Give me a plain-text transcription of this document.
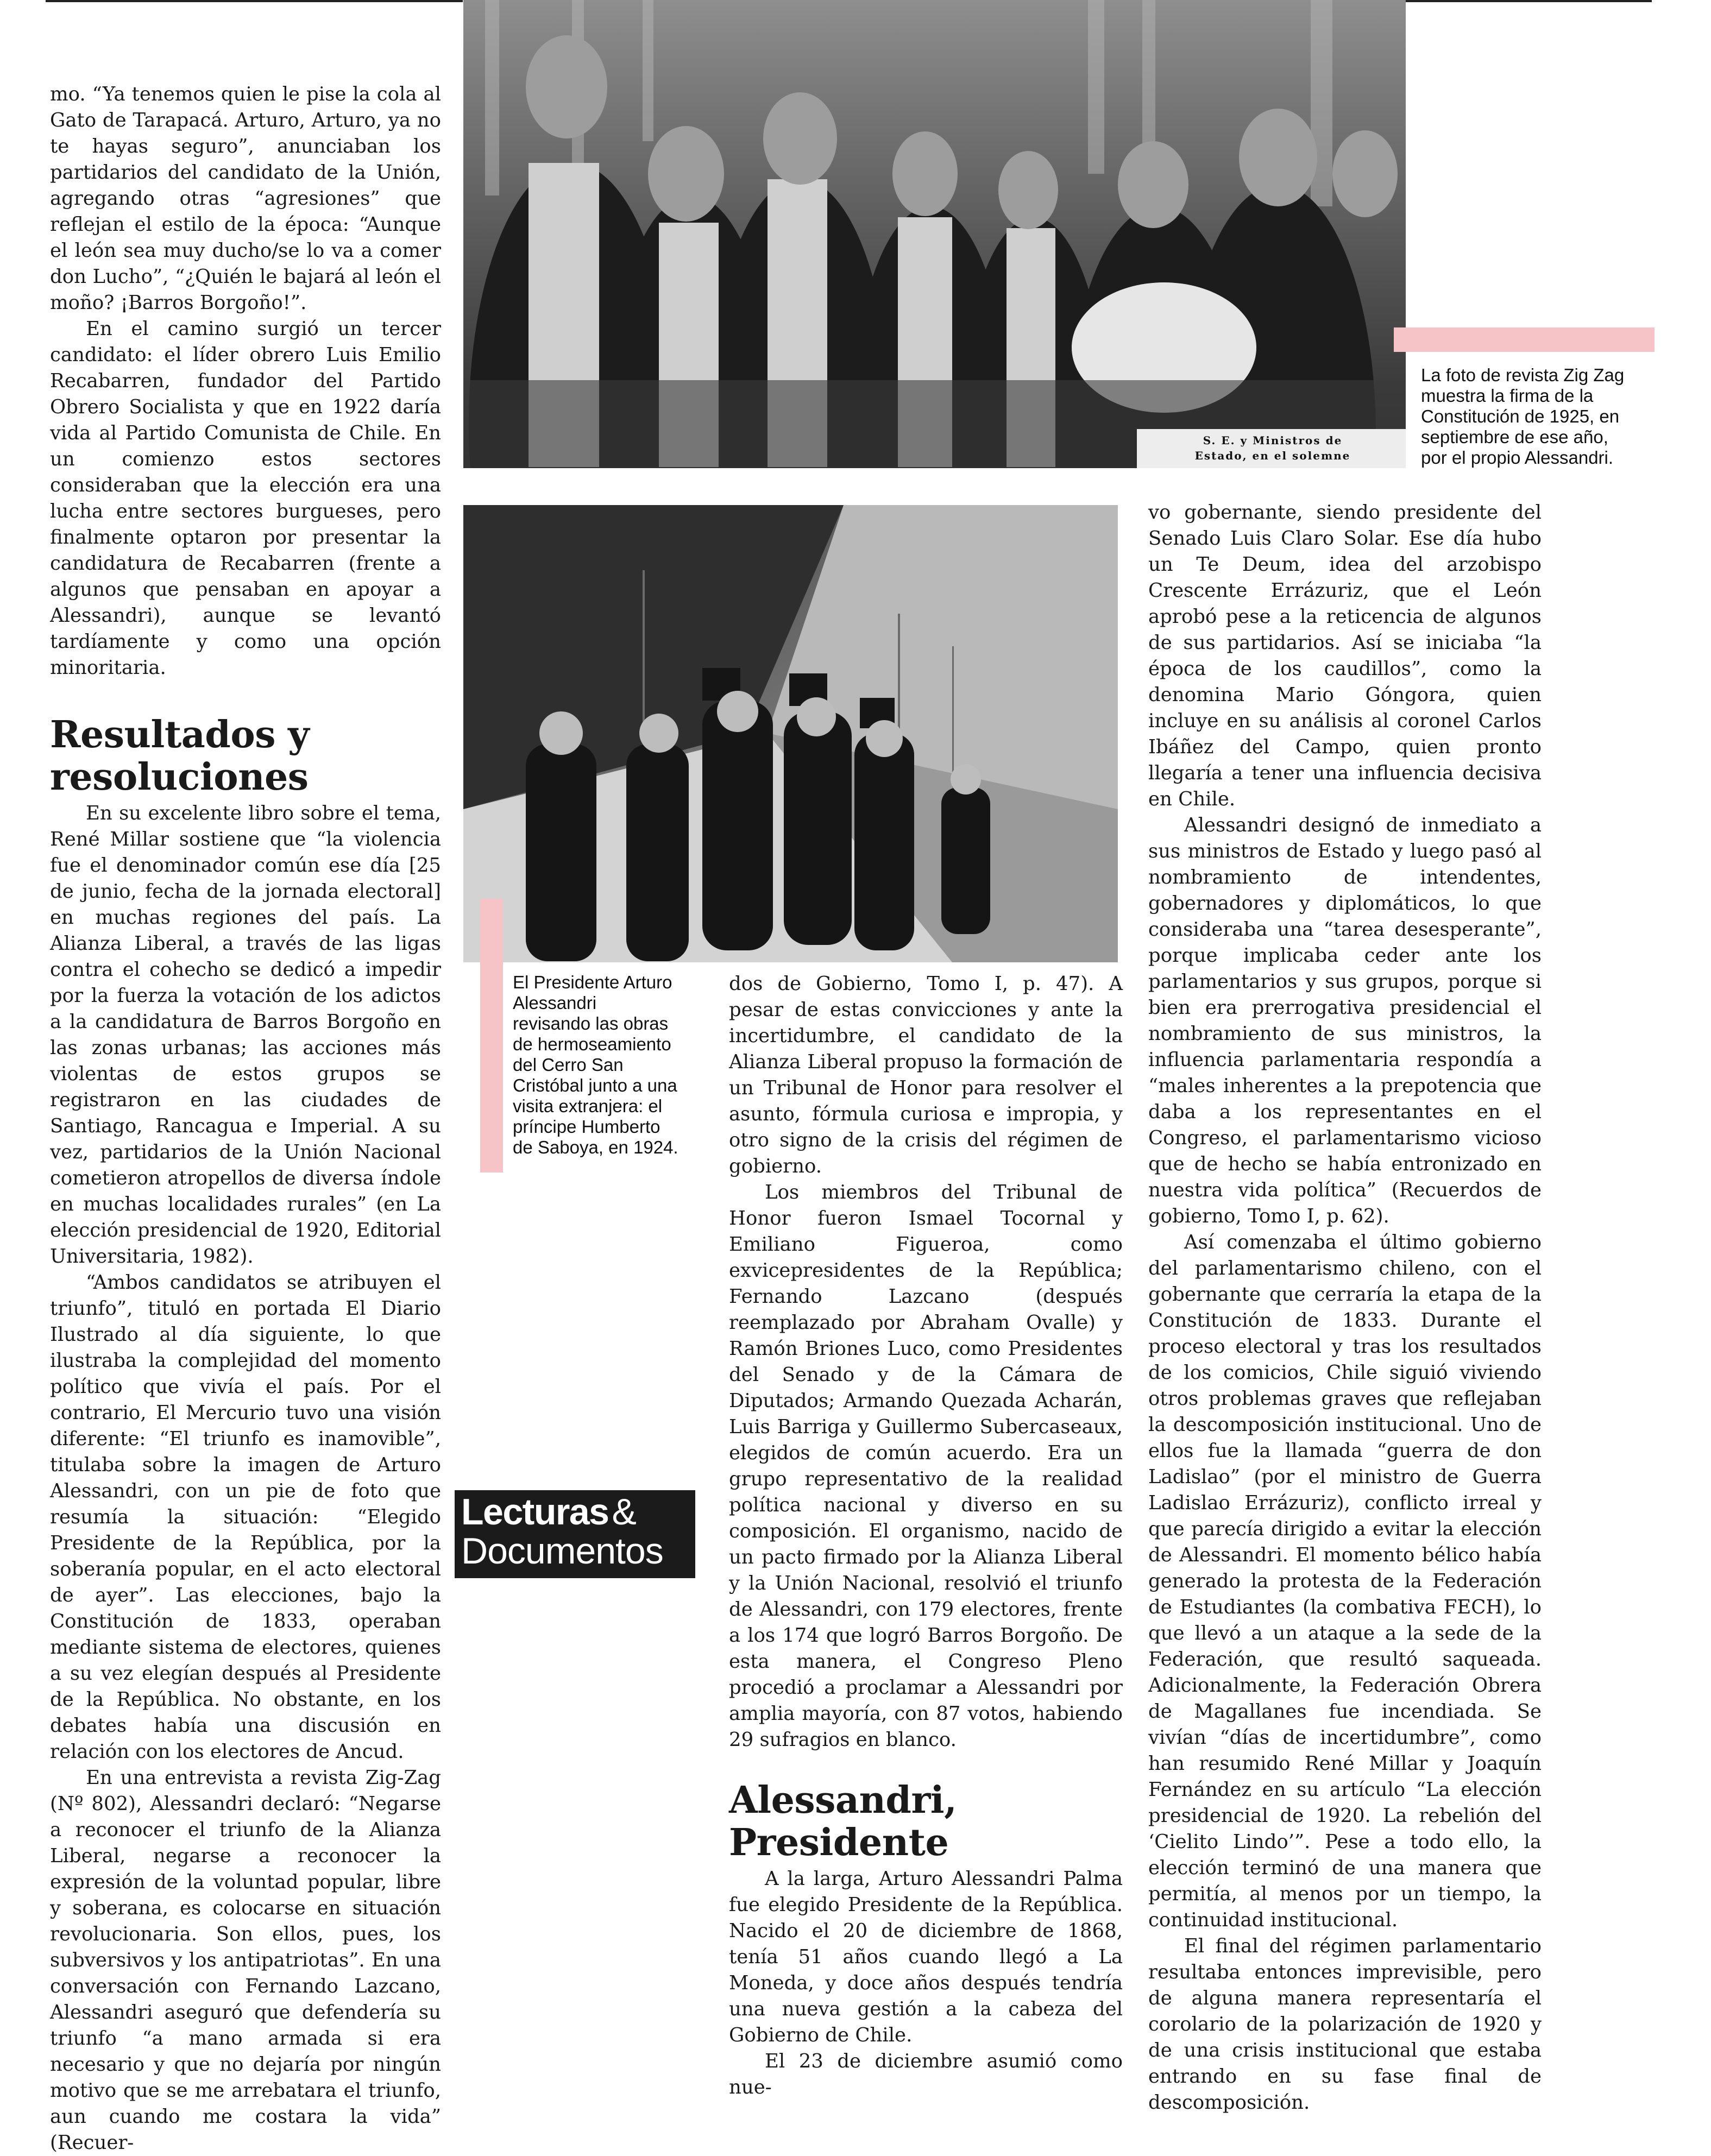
mo. “Ya tenemos quien le pise la cola al Gato de Tarapacá. Arturo, Arturo, ya no te hayas seguro”, anunciaban los partidarios del candidato de la Unión, agregando otras “agresiones” que reflejan el estilo de la época: “Aunque el león sea muy ducho/se lo va a comer don Lucho”, “¿Quién le bajará al león el moño? ¡Barros Borgoño!”.

En el camino surgió un tercer candidato: el líder obrero Luis Emilio Recabarren, fundador del Partido Obrero Socialista y que en 1922 daría vida al Partido Comunista de Chile. En un comienzo estos sectores consideraban que la elección era una lucha entre sectores burgueses, pero finalmente optaron por presentar la candidatura de Recabarren (frente a algunos que pensaban en apoyar a Alessandri), aunque se levantó tardíamente y como una opción minoritaria.

Resultados y resoluciones

En su excelente libro sobre el tema, René Millar sostiene que “la violencia fue el denominador común ese día [25 de junio, fecha de la jornada electoral] en muchas regiones del país. La Alianza Liberal, a través de las ligas contra el cohecho se dedicó a impedir por la fuerza la votación de los adictos a la candidatura de Barros Borgoño en las zonas urbanas; las acciones más violentas de estos grupos se registraron en las ciudades de Santiago, Rancagua e Imperial. A su vez, partidarios de la Unión Nacional cometieron atropellos de diversa índole en muchas localidades rurales” (en La elección presidencial de 1920, Editorial Universitaria, 1982).

“Ambos candidatos se atribuyen el triunfo”, tituló en portada El Diario Ilustrado al día siguiente, lo que ilustraba la complejidad del momento político que vivía el país. Por el contrario, El Mercurio tuvo una visión diferente: “El triunfo es inamovible”, titulaba sobre la imagen de Arturo Alessandri, con un pie de foto que resumía la situación: “Elegido Presidente de la República, por la soberanía popular, en el acto electoral de ayer”. Las elecciones, bajo la Constitución de 1833, operaban mediante sistema de electores, quienes a su vez elegían después al Presidente de la República. No obstante, en los debates había una discusión en relación con los electores de Ancud.

En una entrevista a revista Zig-Zag (Nº 802), Alessandri declaró: “Negarse a reconocer el triunfo de la Alianza Liberal, negarse a reconocer la expresión de la voluntad popular, libre y soberana, es colocarse en situación revolucionaria. Son ellos, pues, los subversivos y los antipatriotas”. En una conversación con Fernando Lazcano, Alessandri aseguró que defendería su triunfo “a mano armada si era necesario y que no dejaría por ningún motivo que se me arrebatara el triunfo, aun cuando me costara la vida” (Recuer-

S. E. y Ministros de
Estado, en el solemne
La foto de revista Zig Zag
muestra la firma de la
Constitución de 1925, en
septiembre de ese año,
por el propio Alessandri.
El Presidente Arturo
Alessandri
revisando las obras
de hermoseamiento
del Cerro San
Cristóbal junto a una
visita extranjera: el
príncipe Humberto
de Saboya, en 1924.
Lecturas&
Documentos

dos de Gobierno, Tomo I, p. 47). A pesar de estas convicciones y ante la incertidumbre, el candidato de la Alianza Liberal propuso la formación de un Tribunal de Honor para resolver el asunto, fórmula curiosa e impropia, y otro signo de la crisis del régimen de gobierno.

Los miembros del Tribunal de Honor fueron Ismael Tocornal y Emiliano Figueroa, como exvicepresidentes de la República; Fernando Lazcano (después reemplazado por Abraham Ovalle) y Ramón Briones Luco, como Presidentes del Senado y de la Cámara de Diputados; Armando Quezada Acharán, Luis Barriga y Guillermo Subercaseaux, elegidos de común acuerdo. Era un grupo representativo de la realidad política nacional y diverso en su composición. El organismo, nacido de un pacto firmado por la Alianza Liberal y la Unión Nacional, resolvió el triunfo de Alessandri, con 179 electores, frente a los 174 que logró Barros Borgoño. De esta manera, el Congreso Pleno procedió a proclamar a Alessandri por amplia mayoría, con 87 votos, habiendo 29 sufragios en blanco.

Alessandri, Presidente

A la larga, Arturo Alessandri Palma fue elegido Presidente de la República. Nacido el 20 de diciembre de 1868, tenía 51 años cuando llegó a La Moneda, y doce años después tendría una nueva gestión a la cabeza del Gobierno de Chile.

El 23 de diciembre asumió como nue-

vo gobernante, siendo presidente del Senado Luis Claro Solar. Ese día hubo un Te Deum, idea del arzobispo Crescente Errázuriz, que el León aprobó pese a la reticencia de algunos de sus partidarios. Así se iniciaba “la época de los caudillos”, como la denomina Mario Góngora, quien incluye en su análisis al coronel Carlos Ibáñez del Campo, quien pronto llegaría a tener una influencia decisiva en Chile.

Alessandri designó de inmediato a sus ministros de Estado y luego pasó al nombramiento de intendentes, gobernadores y diplomáticos, lo que consideraba una “tarea desesperante”, porque implicaba ceder ante los parlamentarios y sus grupos, porque si bien era prerrogativa presidencial el nombramiento de sus ministros, la influencia parlamentaria respondía a “males inherentes a la prepotencia que daba a los representantes en el Congreso, el parlamentarismo vicioso que de hecho se había entronizado en nuestra vida política” (Recuerdos de gobierno, Tomo I, p. 62).

Así comenzaba el último gobierno del parlamentarismo chileno, con el gobernante que cerraría la etapa de la Constitución de 1833. Durante el proceso electoral y tras los resultados de los comicios, Chile siguió viviendo otros problemas graves que reflejaban la descomposición institucional. Uno de ellos fue la llamada “guerra de don Ladislao” (por el ministro de Guerra Ladislao Errázuriz), conflicto irreal y que parecía dirigido a evitar la elección de Alessandri. El momento bélico había generado la protesta de la Federación de Estudiantes (la combativa FECH), lo que llevó a un ataque a la sede de la Federación, que resultó saqueada. Adicionalmente, la Federación Obrera de Magallanes fue incendiada. Se vivían “días de incertidumbre”, como han resumido René Millar y Joaquín Fernández en su artículo “La elección presidencial de 1920. La rebelión del ‘Cielito Lindo’”. Pese a todo ello, la elección terminó de una manera que permitía, al menos por un tiempo, la continuidad institucional.

El final del régimen parlamentario resultaba entonces imprevisible, pero de alguna manera representaría el corolario de la polarización de 1920 y de una crisis institucional que estaba entrando en su fase final de descomposición.
